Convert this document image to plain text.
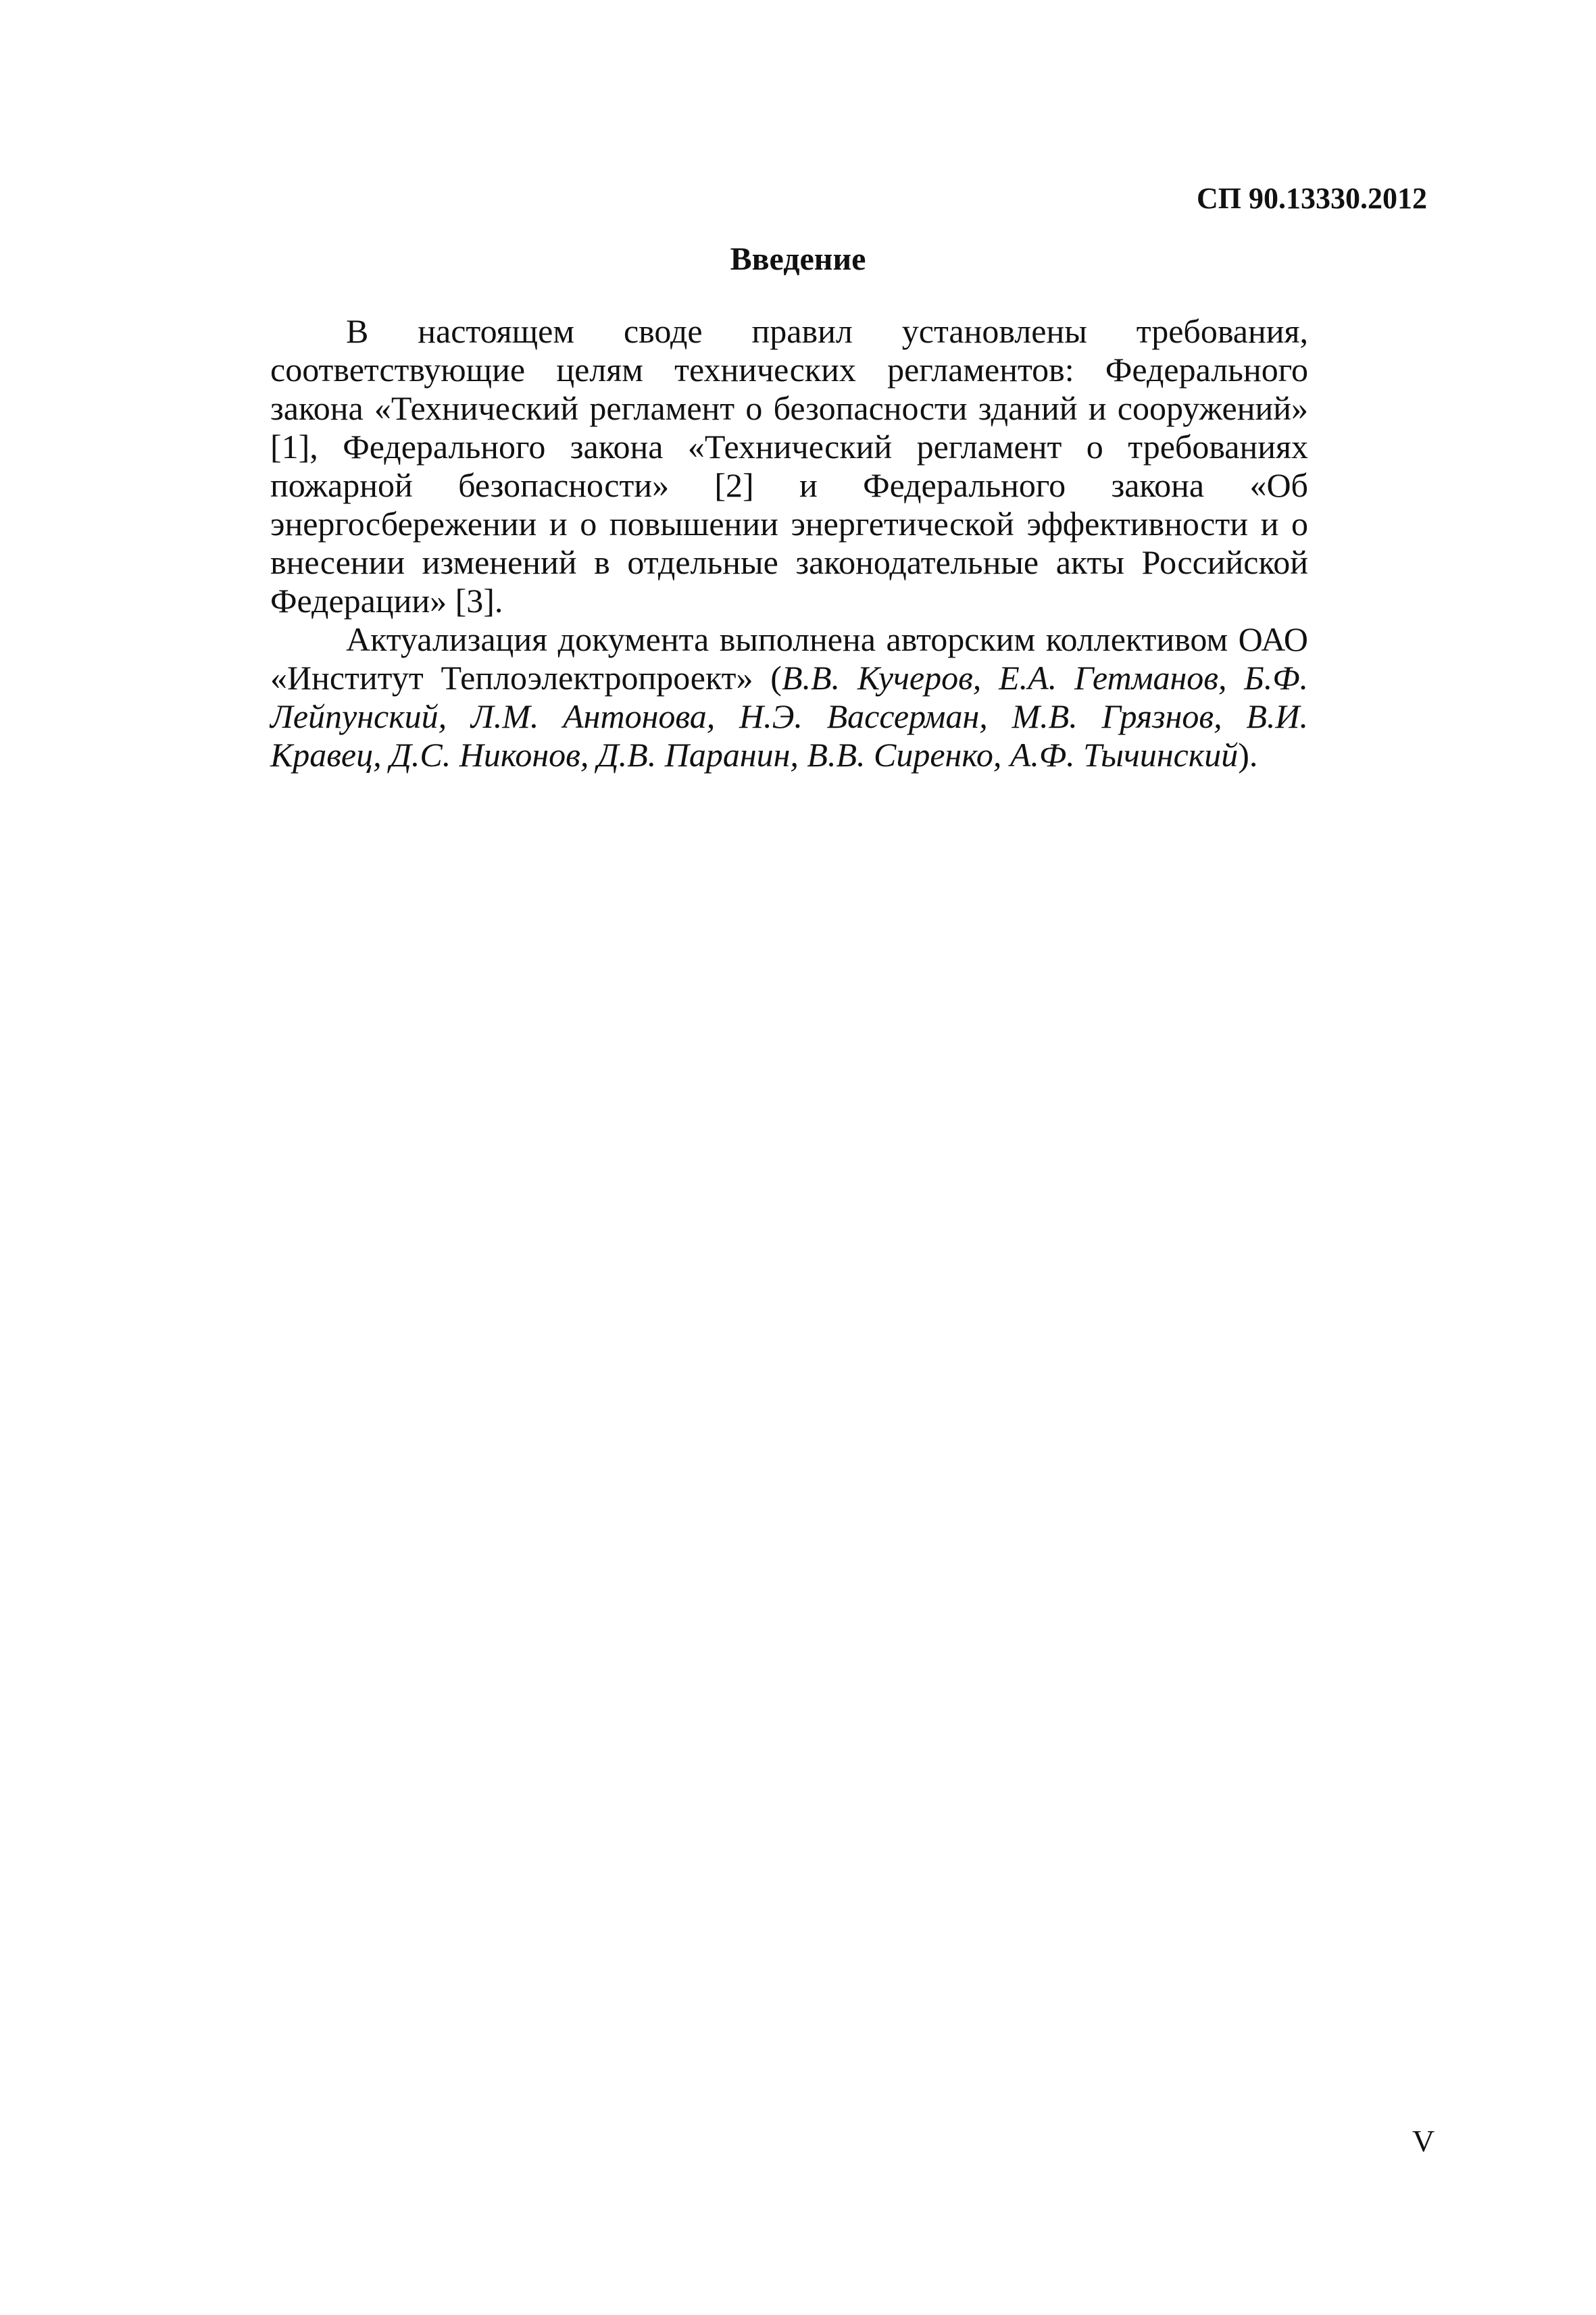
СП 90.13330.2012
Введение

В настоящем своде правил установлены требования, соответствующие целям технических регламентов: Федерального закона «Технический регламент о безопасности зданий и сооружений» [1], Федерального закона «Технический регламент о требованиях пожарной безопасности» [2] и Федерального закона «Об энергосбережении и о повышении энергетической эффективности и о внесении изменений в отдельные законодательные акты Российской Федерации» [3].

Актуализация документа выполнена авторским коллективом ОАО «Институт Теплоэлектропроект» (В.В. Кучеров, Е.А. Гетманов, Б.Ф. Лейпунский, Л.М. Антонова, Н.Э. Вассерман, М.В. Грязнов, В.И. Кравец, Д.С. Никонов, Д.В. Паранин, В.В. Сиренко, А.Ф. Тычинский).

V
